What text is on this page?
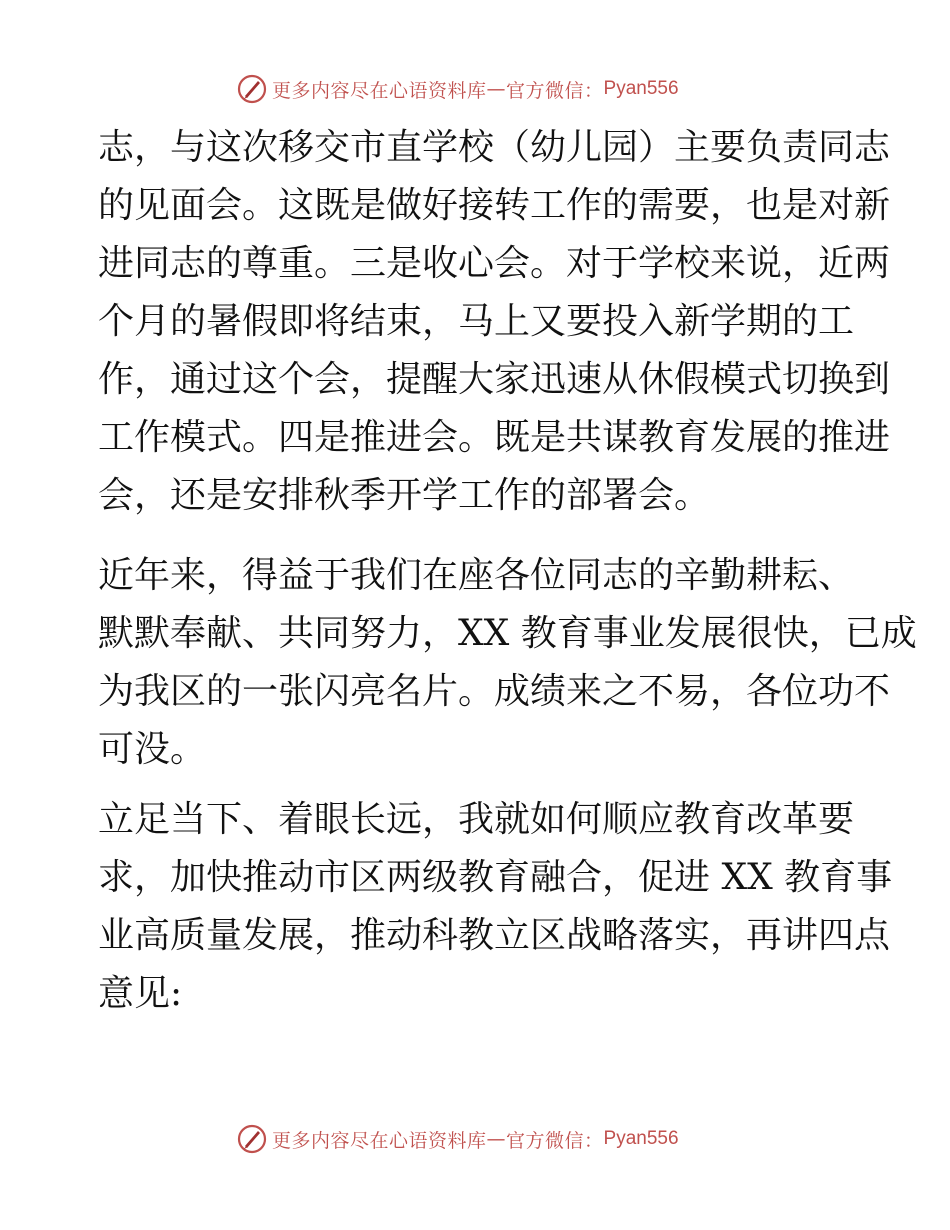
更多内容尽在心语资料库 — 官方微信： Pyan556
志，与这次移交市直学校（幼儿园）主要负责同志
的见面会。这既是做好接转工作的需要，也是对新
进同志的尊重。三是收心会。对于学校来说，近两
个月的暑假即将结束，马上又要投入新学期的工
作，通过这个会，提醒大家迅速从休假模式切换到
工作模式。四是推进会。既是共谋教育发展的推进
会，还是安排秋季开学工作的部署会。
近年来，得益于我们在座各位同志的辛勤耕耘、
默默奉献、共同努力，XX 教育事业发展很快，已成
为我区的一张闪亮名片。成绩来之不易，各位功不
可没。
立足当下、着眼长远，我就如何顺应教育改革要
求，加快推动市区两级教育融合，促进 XX 教育事
业高质量发展，推动科教立区战略落实，再讲四点
意见:
更多内容尽在心语资料库 — 官方微信： Pyan556
